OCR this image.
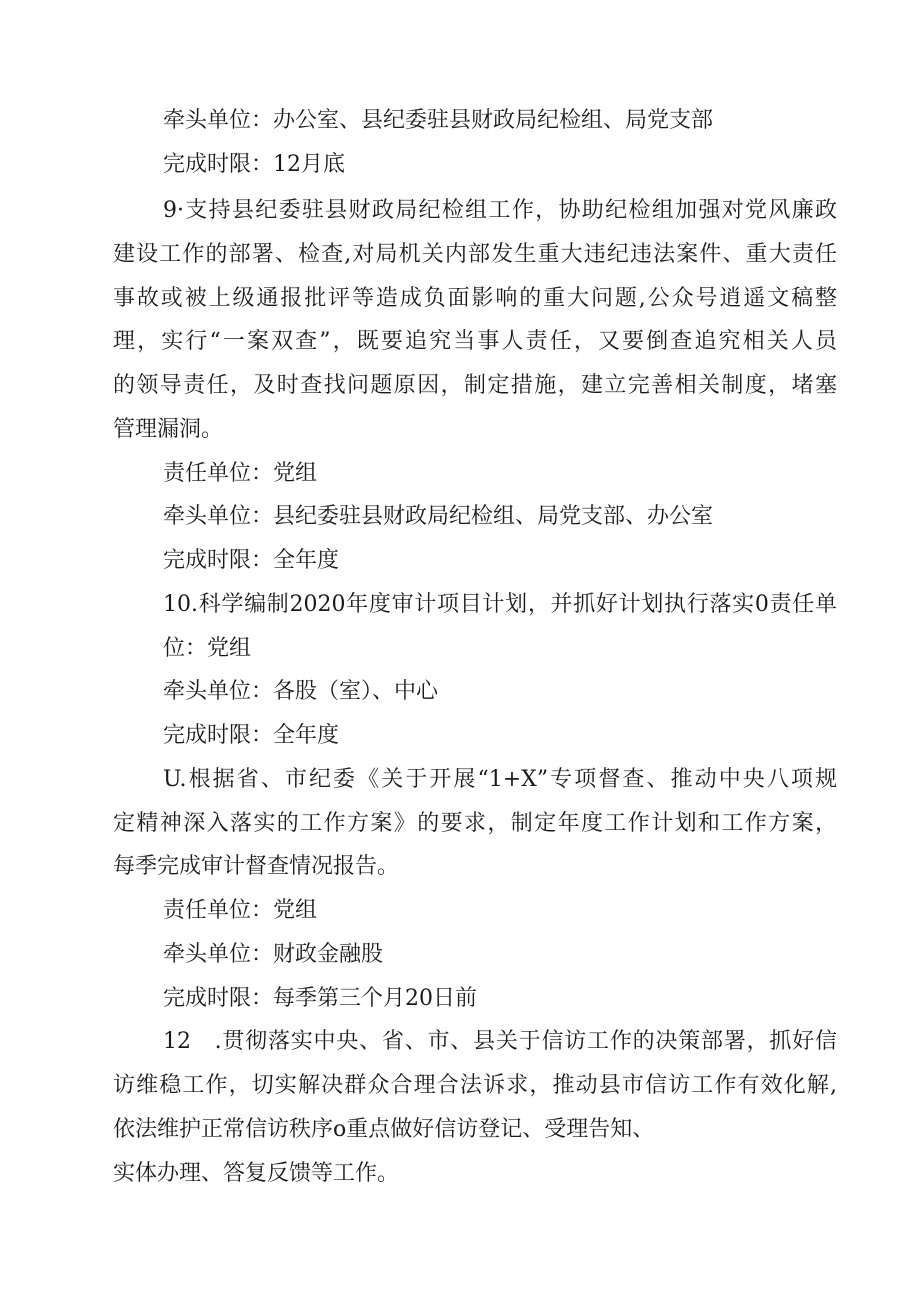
牵头单位：办公室、县纪委驻县财政局纪检组、局党支部
完成时限：12月底
9·支持县纪委驻县财政局纪检组工作，协助纪检组加强对党风廉政
建设工作的部署、检查,对局机关内部发生重大违纪违法案件、重大责任
事故或被上级通报批评等造成负面影响的重大问题,公众号逍遥文稿整
理，实行“一案双查”，既要追究当事人责任，又要倒查追究相关人员
的领导责任，及时查找问题原因，制定措施，建立完善相关制度，堵塞
管理漏洞。
责任单位：党组
牵头单位：县纪委驻县财政局纪检组、局党支部、办公室
完成时限：全年度
10.科学编制2020年度审计项目计划，并抓好计划执行落实0责任单
位：党组
牵头单位：各股（室）、中心
完成时限：全年度
U.根据省、市纪委《关于开展“1+X”专项督查、推动中央八项规
定精神深入落实的工作方案》的要求，制定年度工作计划和工作方案，
每季完成审计督查情况报告。
责任单位：党组
牵头单位：财政金融股
完成时限：每季第三个月20日前
12　.贯彻落实中央、省、市、县关于信访工作的决策部署，抓好信
访维稳工作，切实解决群众合理合法诉求，推动县市信访工作有效化解,
依法维护正常信访秩序o重点做好信访登记、受理告知、
实体办理、答复反馈等工作。
